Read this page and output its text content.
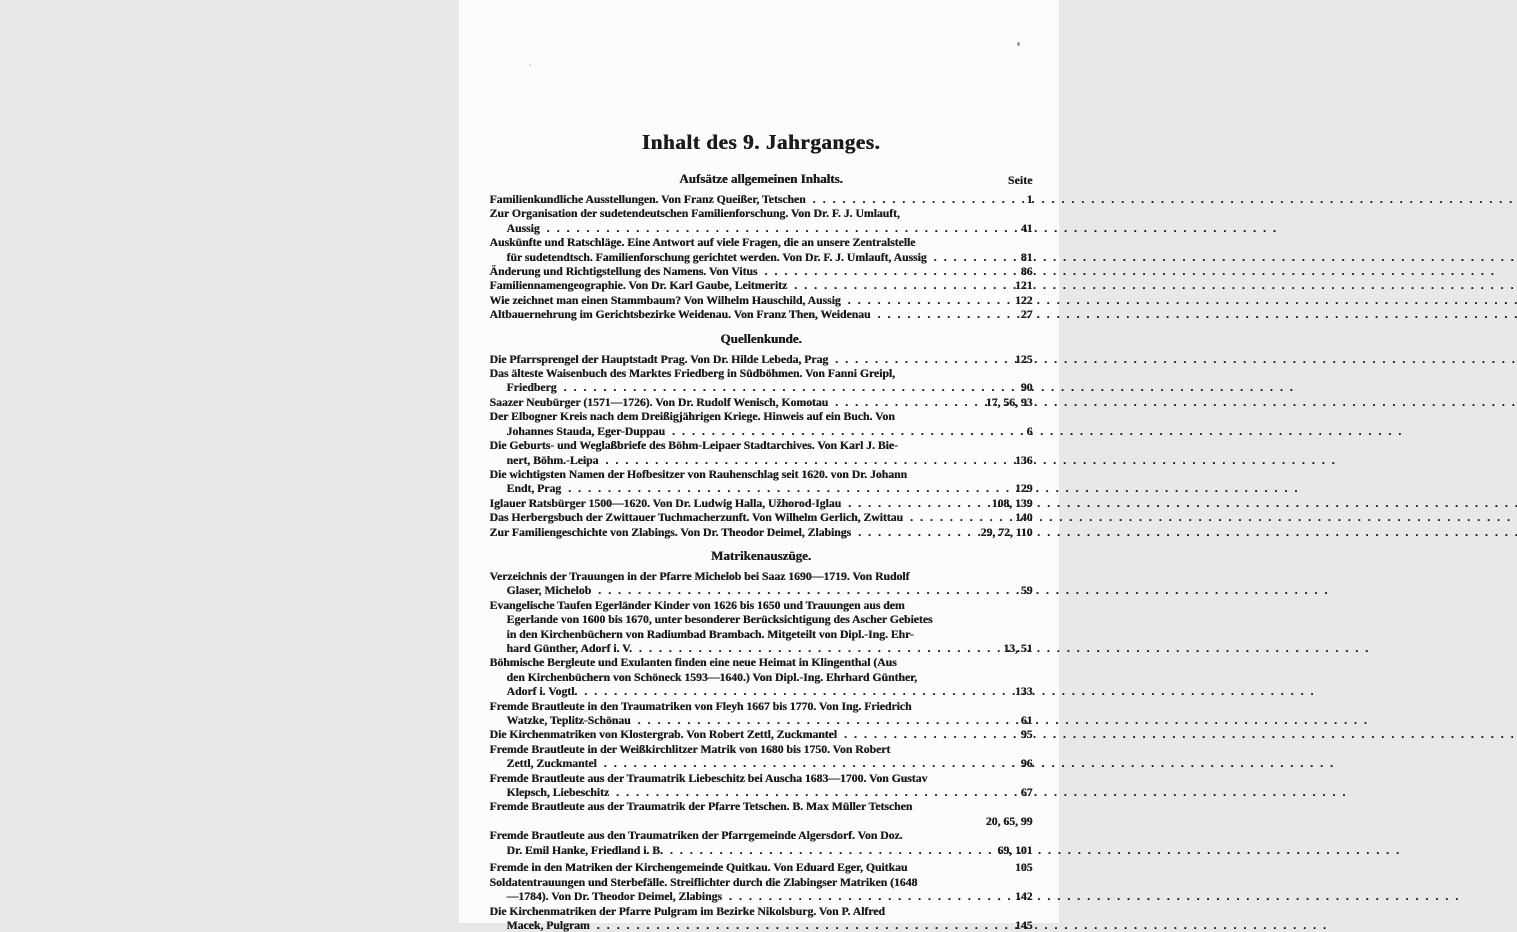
Inhalt des 9. Jahrganges.
Aufsätze allgemeinen Inhalts.	Seite
Familienkundliche Ausstellungen. Von Franz Queißer, Tetschen .....	1
Zur Organisation der sudetendeutschen Familienforschung. Von Dr. F. J. Umlauft,
Aussig .....	41
Auskünfte und Ratschläge. Eine Antwort auf viele Fragen, die an unsere Zentralstelle
für sudetendtsch. Familienforschung gerichtet werden. Von Dr. F. J. Umlauft, Aussig .....	81
Änderung und Richtigstellung des Namens. Von Vitus .....	86
Familiennamengeographie. Von Dr. Karl Gaube, Leitmeritz .....	121
Wie zeichnet man einen Stammbaum? Von Wilhelm Hauschild, Aussig .....	122
Altbauernehrung im Gerichtsbezirke Weidenau. Von Franz Then, Weidenau .....	27
Quellenkunde.
Die Pfarrsprengel der Hauptstadt Prag. Von Dr. Hilde Lebeda, Prag .....	125
Das älteste Waisenbuch des Marktes Friedberg in Südböhmen. Von Fanni Greipl,
Friedberg .....	90
Saazer Neubürger (1571—1726). Von Dr. Rudolf Wenisch, Komotau .....	17, 56, 93
Der Elbogner Kreis nach dem Dreißigjährigen Kriege. Hinweis auf ein Buch. Von
Johannes Stauda, Eger-Duppau .....	6
Die Geburts- und Weglaßbriefe des Böhm-Leipaer Stadtarchives. Von Karl J. Bie-
nert, Böhm.-Leipa .....	136
Die wichtigsten Namen der Hofbesitzer von Rauhenschlag seit 1620. von Dr. Johann
Endt, Prag .....	129
Iglauer Ratsbürger 1500—1620. Von Dr. Ludwig Halla, Užhorod-Iglau .....	108, 139
Das Herbergsbuch der Zwittauer Tuchmacherzunft. Von Wilhelm Gerlich, Zwittau .....	140
Zur Familiengeschichte von Zlabings. Von Dr. Theodor Deimel, Zlabings .....	29, 72, 110
Matrikenauszüge.
Verzeichnis der Trauungen in der Pfarre Michelob bei Saaz 1690—1719. Von Rudolf
Glaser, Michelob .....	59
Evangelische Taufen Egerländer Kinder von 1626 bis 1650 und Trauungen aus dem
Egerlande von 1600 bis 1670, unter besonderer Berücksichtigung des Ascher Gebietes
in den Kirchenbüchern von Radiumbad Brambach. Mitgeteilt von Dipl.-Ing. Ehr-
hard Günther, Adorf i. V. .....	13, 51
Böhmische Bergleute und Exulanten finden eine neue Heimat in Klingenthal (Aus
den Kirchenbüchern von Schöneck 1593—1640.) Von Dipl.-Ing. Ehrhard Günther,
Adorf i. Vogtl. .....	133
Fremde Brautleute in den Traumatriken von Fleyh 1667 bis 1770. Von Ing. Friedrich
Watzke, Teplitz-Schönau .....	61
Die Kirchenmatriken von Klostergrab. Von Robert Zettl, Zuckmantel .....	95
Fremde Brautleute in der Weißkirchlitzer Matrik von 1680 bis 1750. Von Robert
Zettl, Zuckmantel .....	96
Fremde Brautleute aus der Traumatrik Liebeschitz bei Auscha 1683—1700. Von Gustav
Klepsch, Liebeschitz .....	67
Fremde Brautleute aus der Traumatrik der Pfarre Tetschen. B. Max Müller Tetschen
20, 65, 99
Fremde Brautleute aus den Traumatriken der Pfarrgemeinde Algersdorf. Von Doz.
Dr. Emil Hanke, Friedland i. B. .....	69, 101
Fremde in den Matriken der Kirchengemeinde Quitkau. Von Eduard Eger, Quitkau	105
Soldatentrauungen und Sterbefälle. Streiflichter durch die Zlabingser Matriken (1648
—1784). Von Dr. Theodor Deimel, Zlabings .....	142
Die Kirchenmatriken der Pfarre Pulgram im Bezirke Nikolsburg. Von P. Alfred
Macek, Pulgram .....	145
